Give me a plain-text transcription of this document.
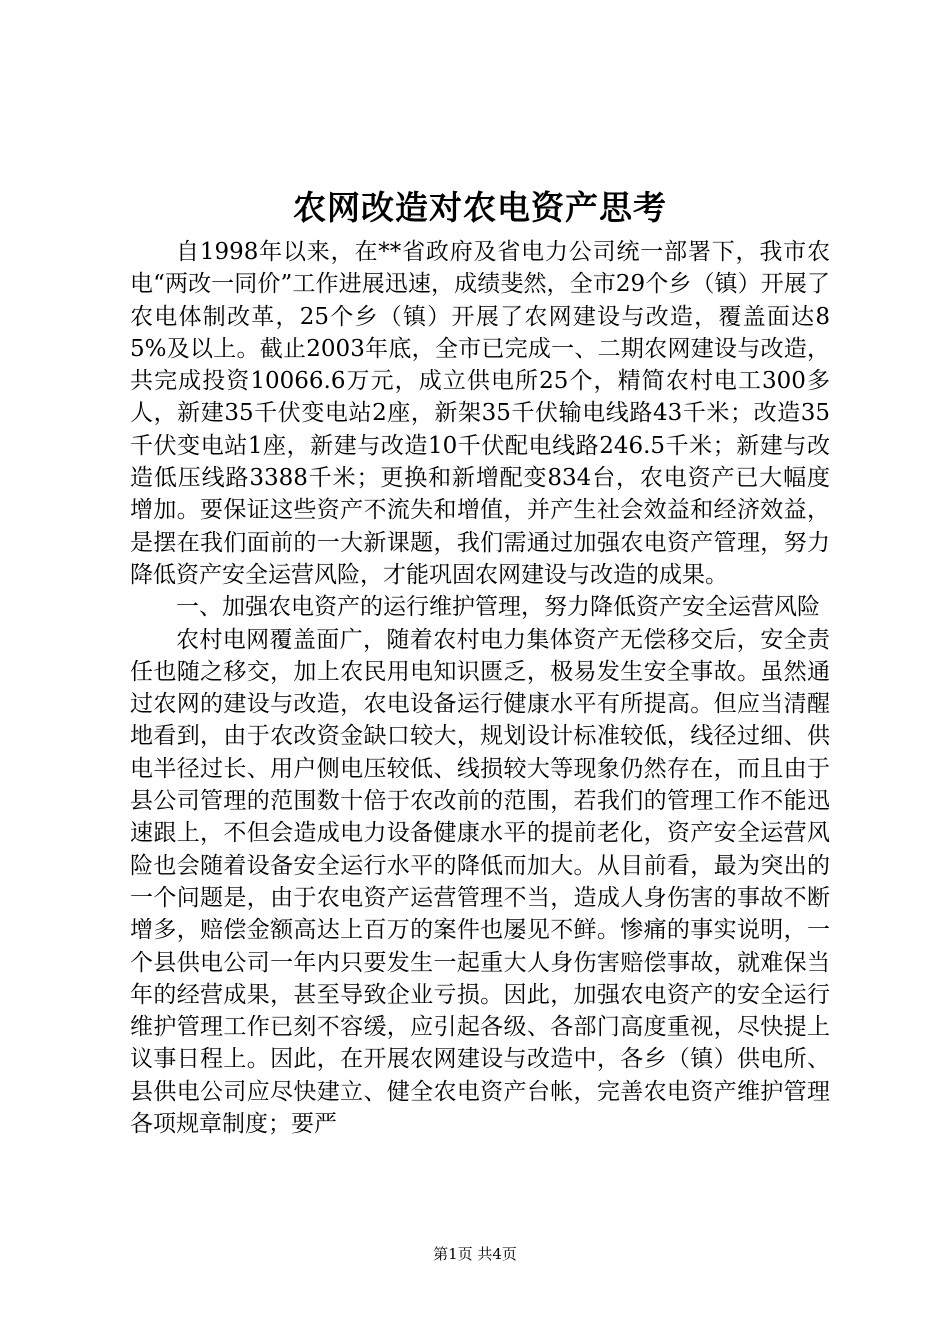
农网改造对农电资产思考

自1998年以来，在**省政府及省电力公司统一部署下，我市农电“两改一同价”工作进展迅速，成绩斐然，全市29个乡（镇）开展了农电体制改革，25个乡（镇）开展了农网建设与改造，覆盖面达85%及以上。截止2003年底，全市已完成一、二期农网建设与改造，共完成投资10066.6万元，成立供电所25个，精简农村电工300多人，新建35千伏变电站2座，新架35千伏输电线路43千米；改造35千伏变电站1座，新建与改造10千伏配电线路246.5千米；新建与改造低压线路3388千米；更换和新增配变834台，农电资产已大幅度增加。要保证这些资产不流失和增值，并产生社会效益和经济效益，是摆在我们面前的一大新课题，我们需通过加强农电资产管理，努力降低资产安全运营风险，才能巩固农网建设与改造的成果。

一、加强农电资产的运行维护管理，努力降低资产安全运营风险

农村电网覆盖面广，随着农村电力集体资产无偿移交后，安全责任也随之移交，加上农民用电知识匮乏，极易发生安全事故。虽然通过农网的建设与改造，农电设备运行健康水平有所提高。但应当清醒地看到，由于农改资金缺口较大，规划设计标准较低，线径过细、供电半径过长、用户侧电压较低、线损较大等现象仍然存在，而且由于县公司管理的范围数十倍于农改前的范围，若我们的管理工作不能迅速跟上，不但会造成电力设备健康水平的提前老化，资产安全运营风险也会随着设备安全运行水平的降低而加大。从目前看，最为突出的一个问题是，由于农电资产运营管理不当，造成人身伤害的事故不断增多，赔偿金额高达上百万的案件也屡见不鲜。惨痛的事实说明，一个县供电公司一年内只要发生一起重大人身伤害赔偿事故，就难保当年的经营成果，甚至导致企业亏损。因此，加强农电资产的安全运行维护管理工作已刻不容缓，应引起各级、各部门高度重视，尽快提上议事日程上。因此，在开展农网建设与改造中，各乡（镇）供电所、县供电公司应尽快建立、健全农电资产台帐，完善农电资产维护管理各项规章制度；要严

第1页 共4页
